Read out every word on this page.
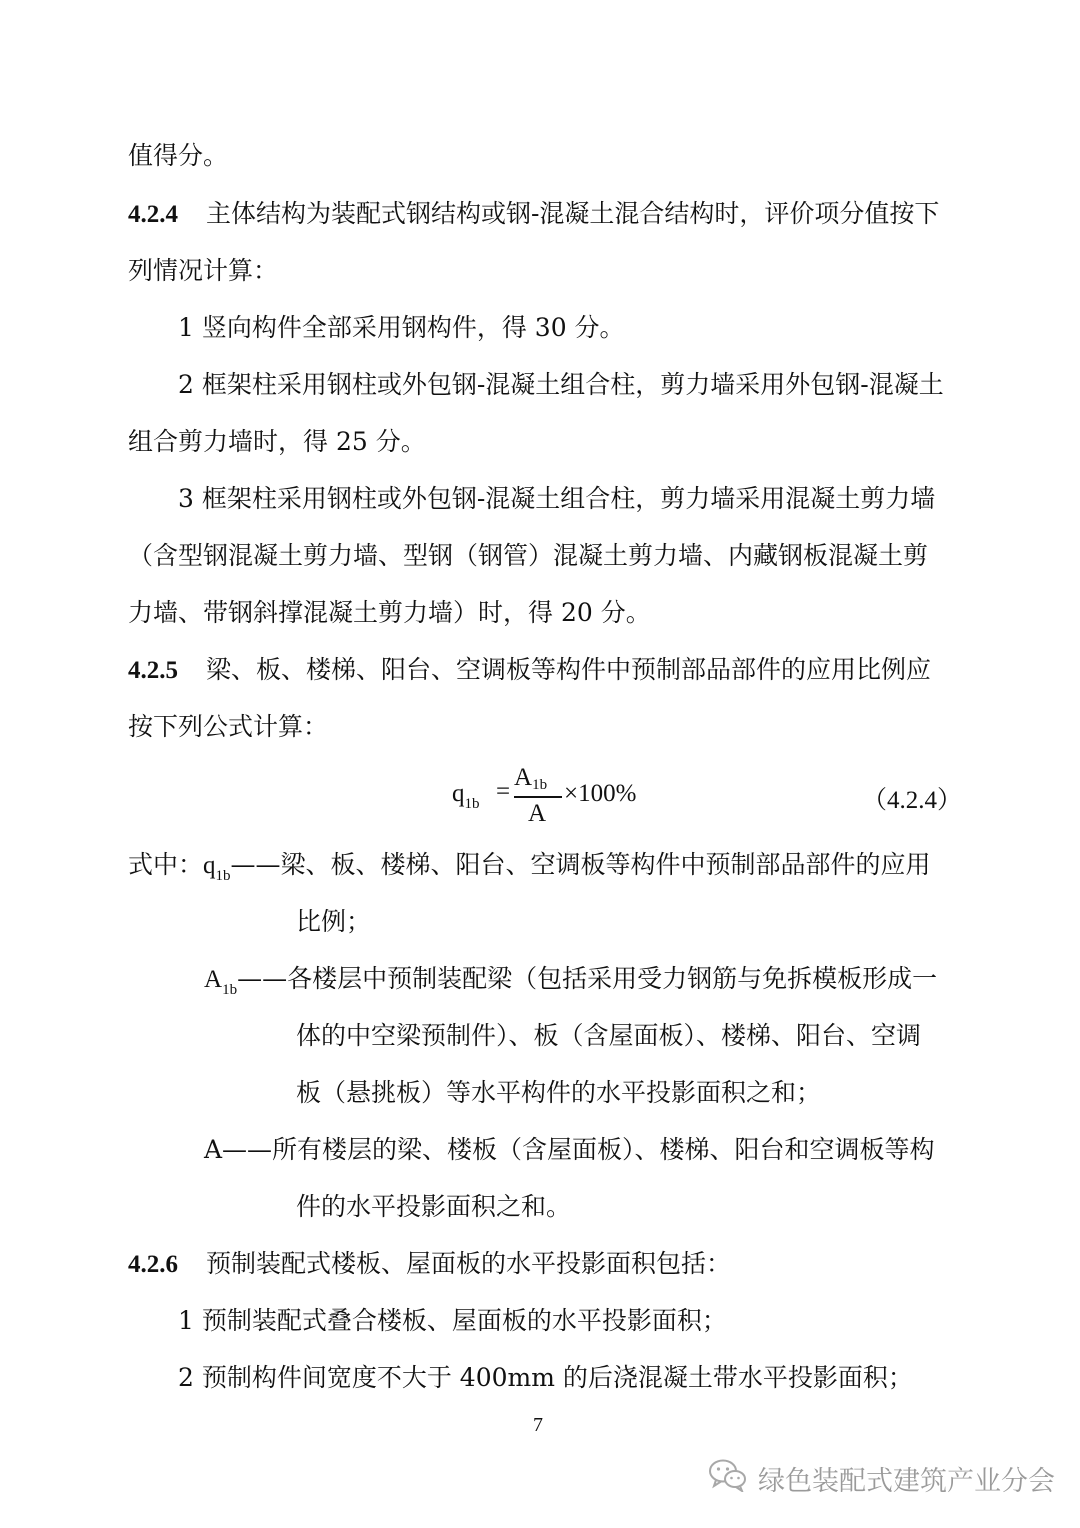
值得分。
4.2.4 主体结构为装配式钢结构或钢-混凝土混合结构时，评价项分值按下
列情况计算：
1 竖向构件全部采用钢构件，得 30 分。
2 框架柱采用钢柱或外包钢-混凝土组合柱，剪力墙采用外包钢-混凝土
组合剪力墙时，得 25 分。
3 框架柱采用钢柱或外包钢-混凝土组合柱，剪力墙采用混凝土剪力墙
（含型钢混凝土剪力墙、型钢（钢管）混凝土剪力墙、内藏钢板混凝土剪
力墙、带钢斜撑混凝土剪力墙）时，得 20 分。
4.2.5 梁、板、楼梯、阳台、空调板等构件中预制部品部件的应用比例应
按下列公式计算：
$q_{1b}$ =
A1b
A
×100%	（4.2.4）
式中：$q_{1b}——$梁、板、楼梯、阳台、空调板等构件中预制部品部件的应用
比例；
$A_{1b}——$各楼层中预制装配梁（包括采用受力钢筋与免拆模板形成一
体的中空梁预制件）、板（含屋面板）、楼梯、阳台、空调
板（悬挑板）等水平构件的水平投影面积之和；
A——所有楼层的梁、楼板（含屋面板）、楼梯、阳台和空调板等构
件的水平投影面积之和。
4.2.6 预制装配式楼板、屋面板的水平投影面积包括：
1 预制装配式叠合楼板、屋面板的水平投影面积；
2 预制构件间宽度不大于 400mm 的后浇混凝土带水平投影面积；
7
绿色装配式建筑产业分会
